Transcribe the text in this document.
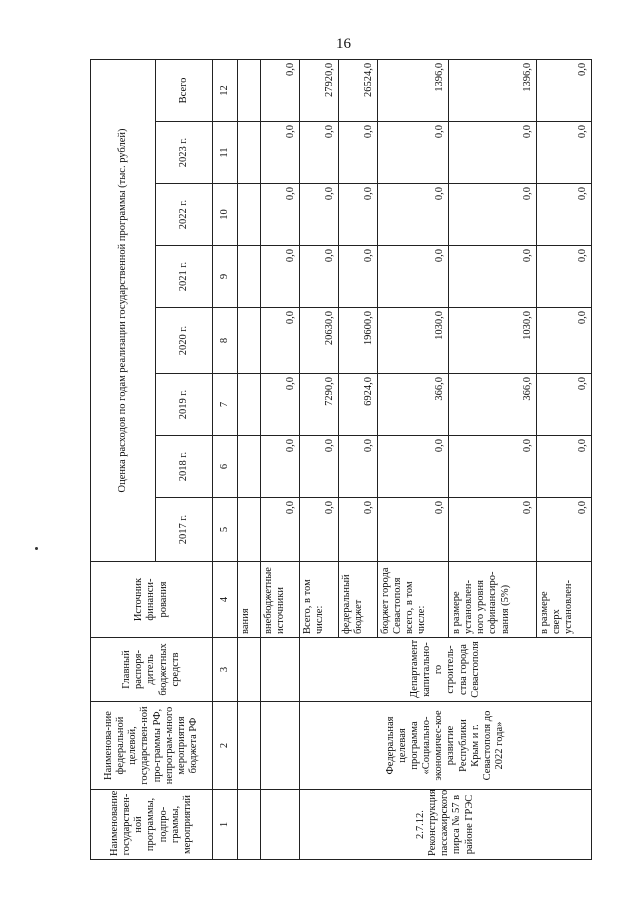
16
Наименование государствен-ной программы, подпро-граммы, мероприятий	Наименова-ние федеральной целевой, государствен-ной про-граммы РФ, непрограм-много мероприятия бюджета РФ	Главный распоря-дитель бюджетных средств	Источник финанси-рования	Оценка расходов по годам реализации государственной программы (тыс. рублей)							
				2017 г.	2018 г.	2019 г.	2020 г.	2021 г.	2022 г.	2023 г.	Всего
1	2	3	4	5	6	7	8	9	10	11	12
			вания								
			внебюджетные источники	0,0	0,0	0,0	0,0	0,0	0,0	0,0	0,0
2.7.12. Реконструкция пассажирского пирса № 57 в районе ГРЭС	Федеральная целевая программа «Социально-экономичес-кое развитие Республики Крым и г. Севастополя до 2022 года»	Департамент капитально-го строитель-ства города Севастополя	Всего, в том числе:	0,0	0,0	7290,0	20630,0	0,0	0,0	0,0	27920,0
			федеральный бюджет	0,0	0,0	6924,0	19600,0	0,0	0,0	0,0	26524,0
			бюджет города Севастополя всего, в том числе:	0,0	0,0	366,0	1030,0	0,0	0,0	0,0	1396,0
			в размере установлен-ного уровня софинансиро-вания (5%)	0,0	0,0	366,0	1030,0	0,0	0,0	0,0	1396,0
			в размере сверх установлен-	0,0	0,0	0,0	0,0	0,0	0,0	0,0	0,0
